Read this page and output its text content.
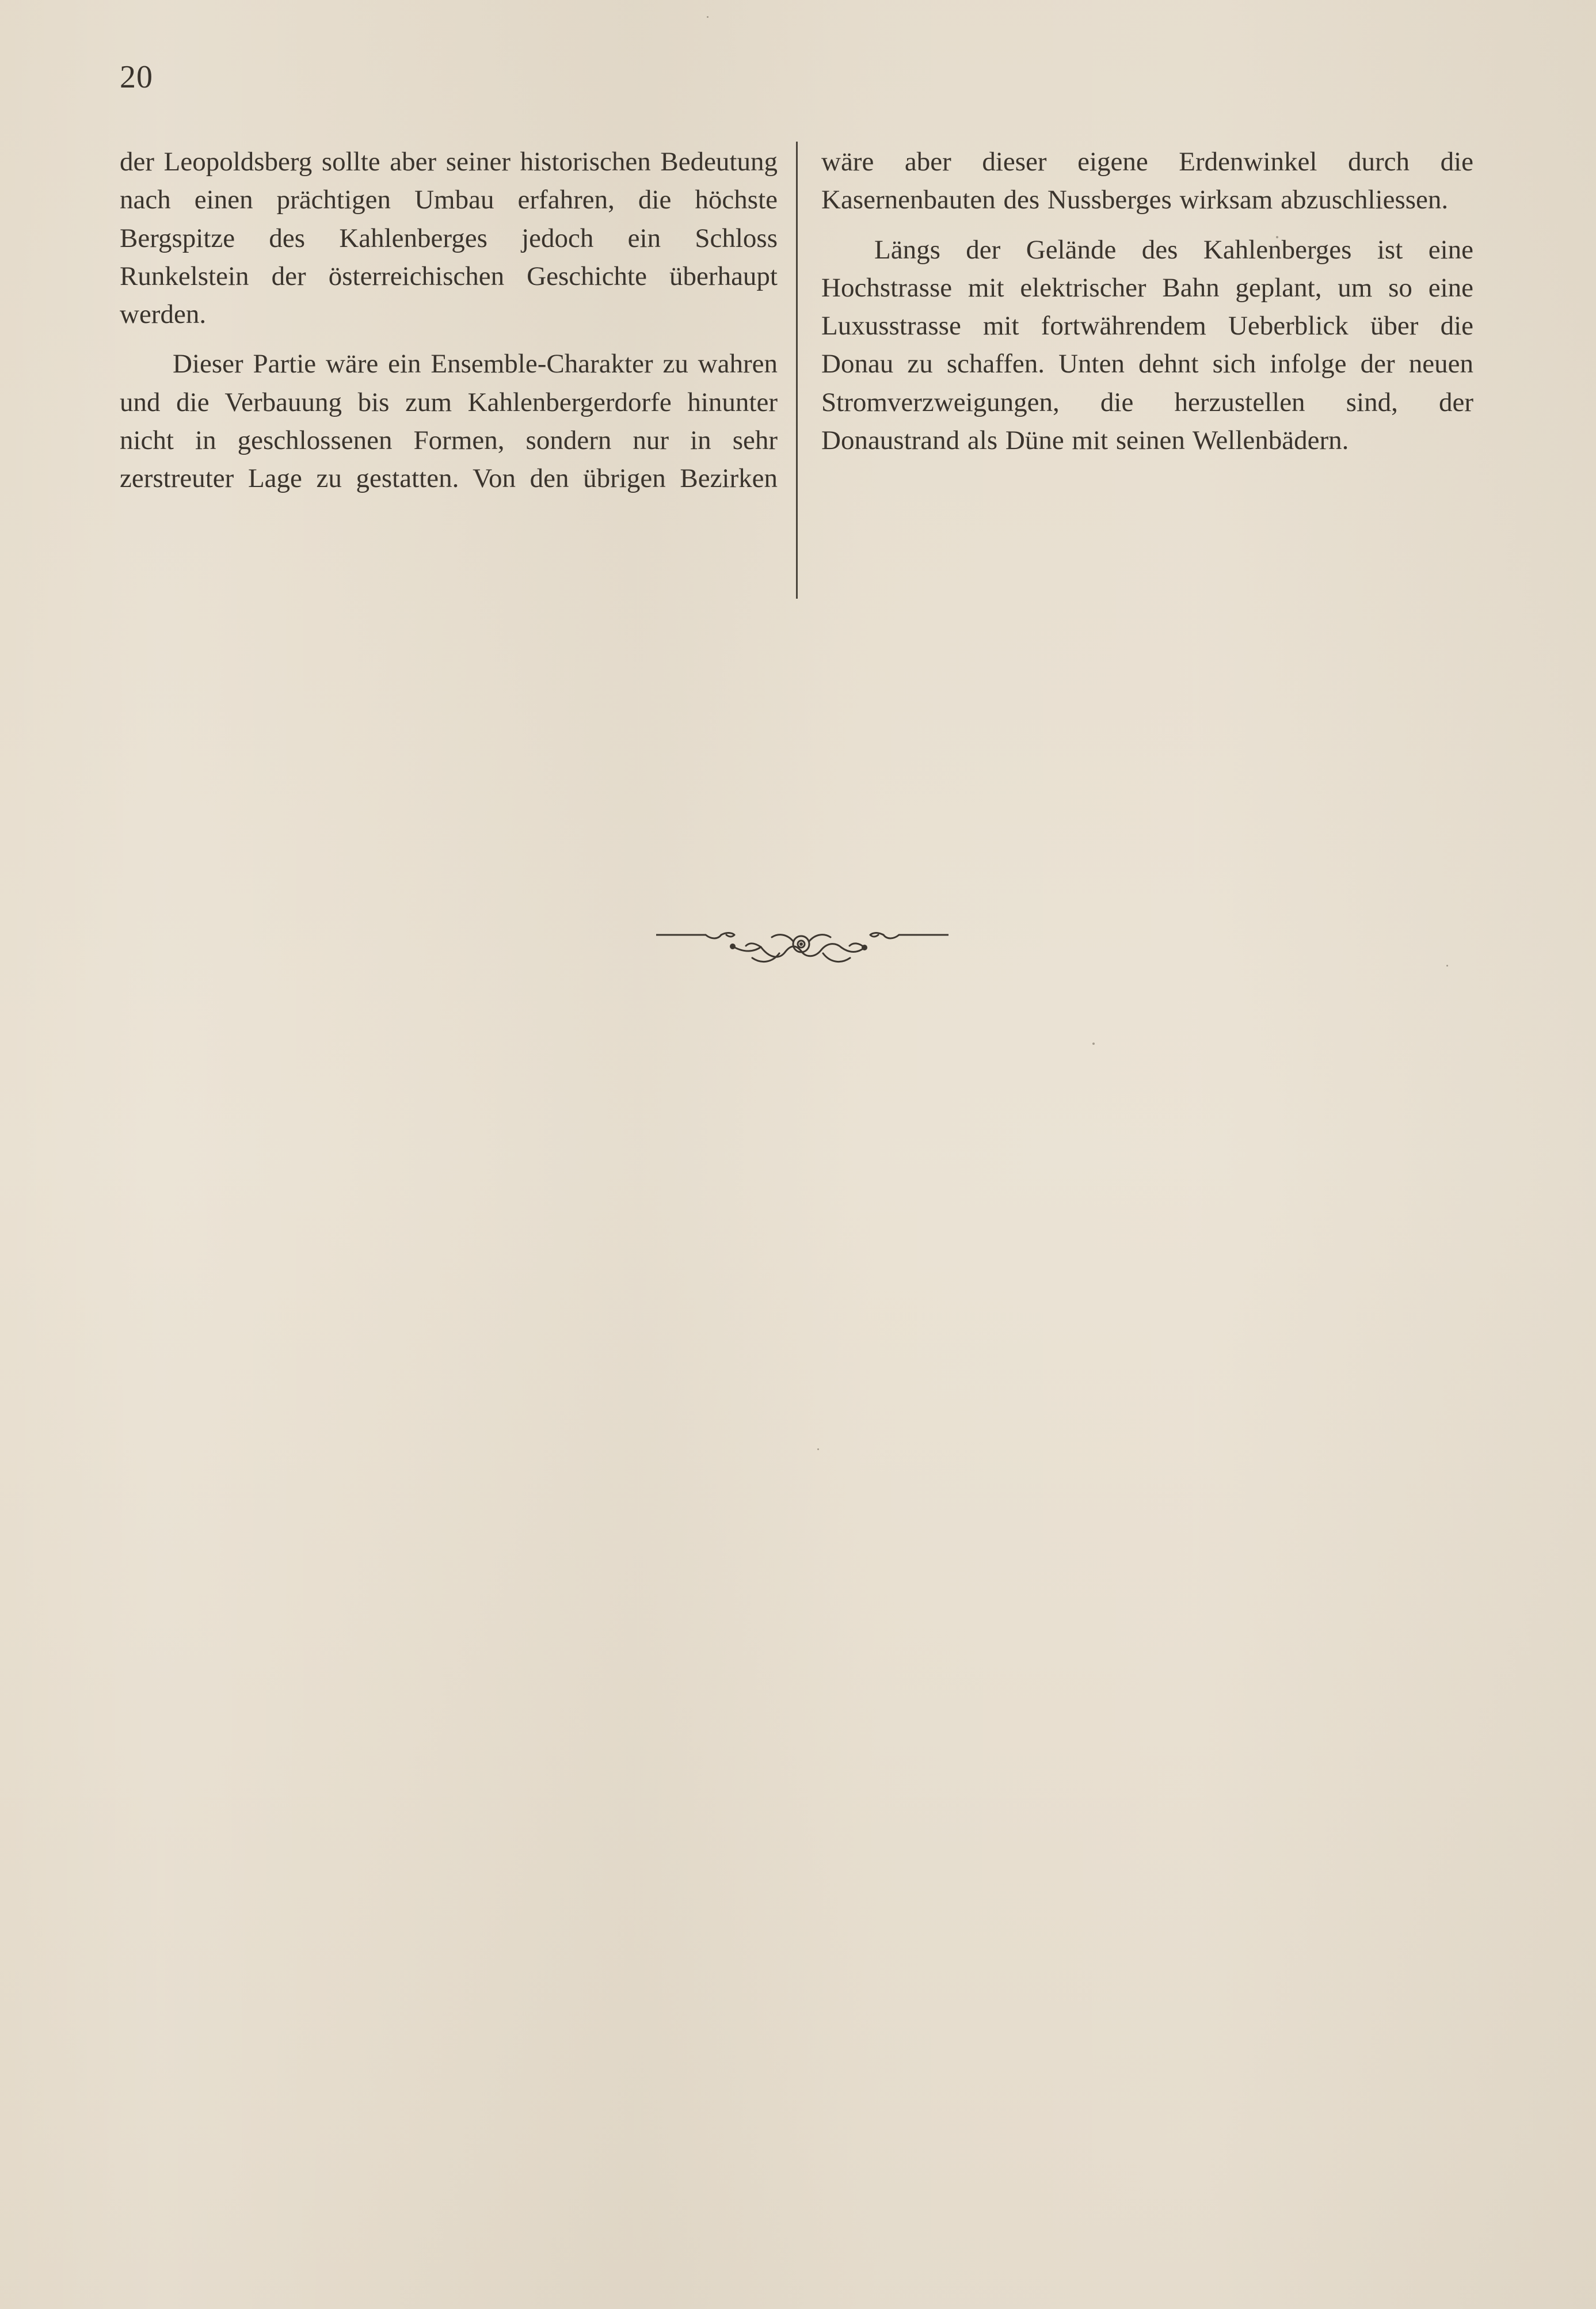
20

der Leopoldsberg sollte aber seiner historischen Bedeutung nach einen prächtigen Umbau erfahren, die höchste Bergspitze des Kahlenberges jedoch ein Schloss Runkelstein der österreichischen Geschichte überhaupt werden.

Dieser Partie wäre ein Ensemble-Charakter zu wahren und die Verbauung bis zum Kahlenbergerdorfe hinunter nicht in geschlossenen Formen, sondern nur in sehr zerstreuter Lage zu gestatten. Von den übrigen Bezirken

wäre aber dieser eigene Erdenwinkel durch die Kasernenbauten des Nussberges wirksam abzuschliessen.

Längs der Gelände des Kahlenberges ist eine Hochstrasse mit elektrischer Bahn geplant, um so eine Luxusstrasse mit fortwährendem Ueberblick über die Donau zu schaffen. Unten dehnt sich infolge der neuen Stromverzweigungen, die herzustellen sind, der Donaustrand als Düne mit seinen Wellenbädern.
